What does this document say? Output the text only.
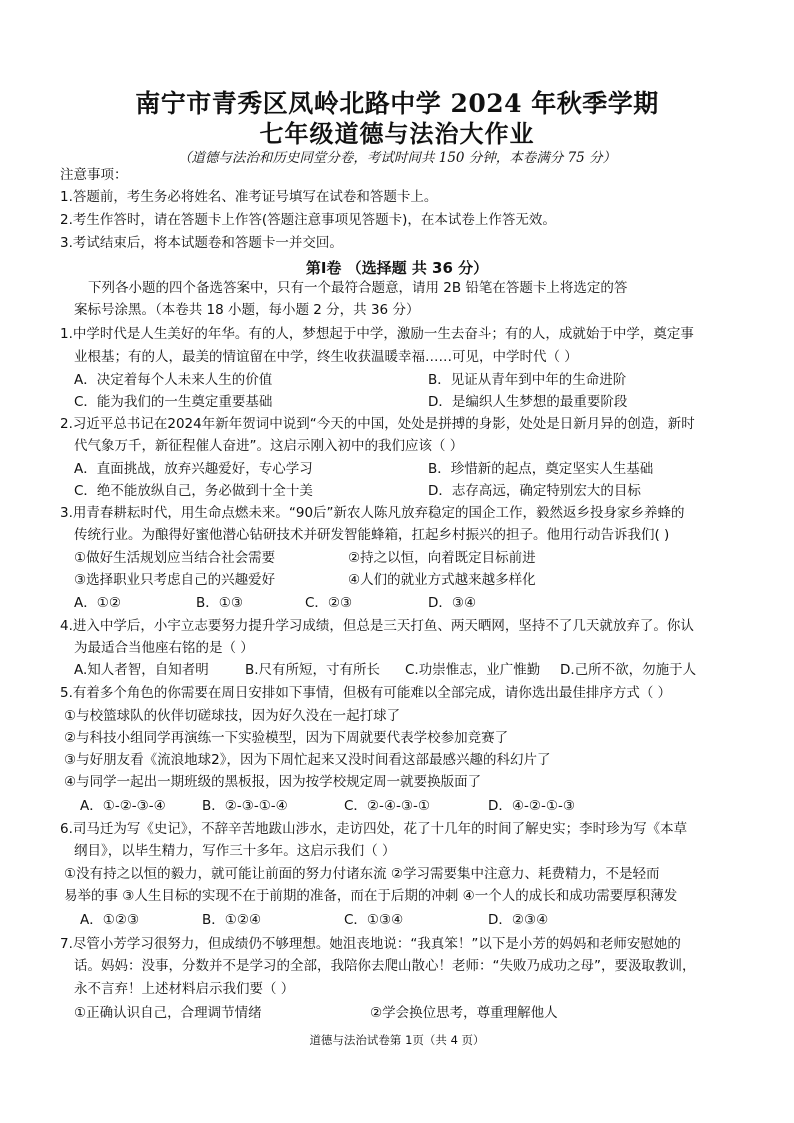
南宁市青秀区凤岭北路中学 2024 年秋季学期
七年级道德与法治大作业
（道德与法治和历史同堂分卷，考试时间共 150 分钟，本卷满分 75 分）
注意事项：
1.答题前，考生务必将姓名、准考证号填写在试卷和答题卡上。
2.考生作答时，请在答题卡上作答(答题注意事项见答题卡)，在本试卷上作答无效。
3.考试结束后，将本试题卷和答题卡一并交回。
第Ⅰ卷 （选择题 共 36 分）
下列各小题的四个备选答案中，只有一个最符合题意，请用 2B 铅笔在答题卡上将选定的答
案标号涂黑。（本卷共 18 小题，每小题 2 分，共 36 分）
1.中学时代是人生美好的年华。有的人，梦想起于中学，激励一生去奋斗；有的人，成就始于中学，奠定事
业根基；有的人，最美的情谊留在中学，终生收获温暖幸福……可见，中学时代（ ）
A．决定着每个人未来人生的价值	B．见证从青年到中年的生命进阶
C．能为我们的一生奠定重要基础	D．是编织人生梦想的最重要阶段
2.习近平总书记在2024年新年贺词中说到“今天的中国，处处是拼搏的身影，处处是日新月异的创造，新时
代气象万千，新征程催人奋进”。这启示刚入初中的我们应该（ ）
A．直面挑战，放弃兴趣爱好，专心学习	B．珍惜新的起点，奠定坚实人生基础
C．绝不能放纵自己，务必做到十全十美	D．志存高远，确定特别宏大的目标
3.用青春耕耘时代，用生命点燃未来。“90后”新农人陈凡放弃稳定的国企工作，毅然返乡投身家乡养蜂的
传统行业。为酿得好蜜他潜心钻研技术并研发智能蜂箱，扛起乡村振兴的担子。他用行动告诉我们( )
①做好生活规划应当结合社会需要	②持之以恒，向着既定目标前进
③选择职业只考虑自己的兴趣爱好	④人们的就业方式越来越多样化
A．①②	B．①③	C．②③	D．③④
4.进入中学后，小宇立志要努力提升学习成绩，但总是三天打鱼、两天晒网，坚持不了几天就放弃了。你认
为最适合当他座右铭的是（ ）
A.知人者智，自知者明	B.尺有所短，寸有所长 C.功崇惟志，业广惟勤 D.己所不欲，勿施于人
5.有着多个角色的你需要在周日安排如下事情，但极有可能难以全部完成，请你选出最佳排序方式（ ）
①与校篮球队的伙伴切磋球技，因为好久没在一起打球了
②与科技小组同学再演练一下实验模型，因为下周就要代表学校参加竞赛了
③与好朋友看《流浪地球2》，因为下周忙起来又没时间看这部最感兴趣的科幻片了
④与同学一起出一期班级的黑板报，因为按学校规定周一就要换版面了
A．①-②-③-④	B．②-③-①-④	C．②-④-③-①	D．④-②-①-③
6.司马迁为写《史记》，不辞辛苦地跋山涉水，走访四处，花了十几年的时间了解史实；李时珍为写《本草
纲目》，以毕生精力，写作三十多年。这启示我们（ ）
①没有持之以恒的毅力，就可能让前面的努力付诸东流 ②学习需要集中注意力、耗费精力，不是轻而
易举的事 ③人生目标的实现不在于前期的准备，而在于后期的冲刺 ④一个人的成长和成功需要厚积薄发
A．①②③	B．①②④	C．①③④	D．②③④
7.尽管小芳学习很努力，但成绩仍不够理想。她沮丧地说：“我真笨！”以下是小芳的妈妈和老师安慰她的
话。妈妈：没事，分数并不是学习的全部，我陪你去爬山散心！老师：“失败乃成功之母”，要汲取教训，
永不言弃！上述材料启示我们要（ ）
①正确认识自己，合理调节情绪	②学会换位思考，尊重理解他人
道德与法治试卷第 1页（共 4 页）
